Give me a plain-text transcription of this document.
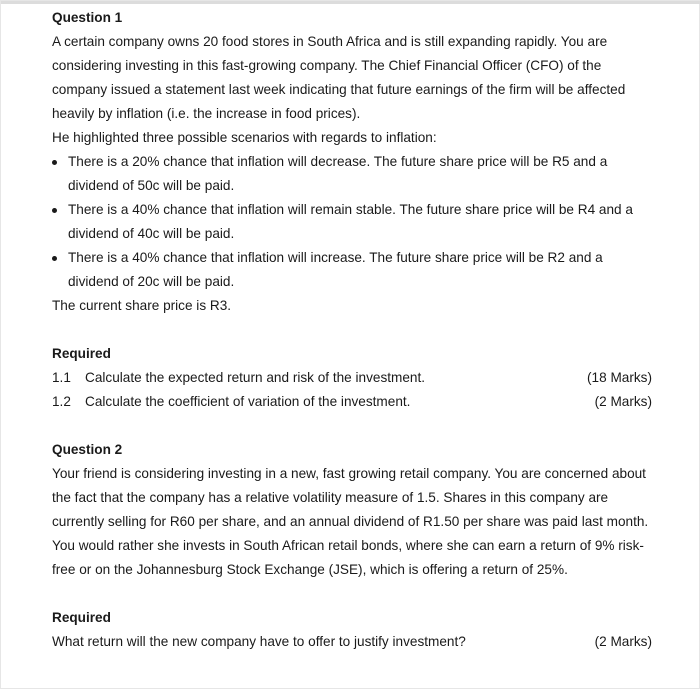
Question 1

A certain company owns 20 food stores in South Africa and is still expanding rapidly. You are considering investing in this fast-growing company. The Chief Financial Officer (CFO) of the company issued a statement last week indicating that future earnings of the firm will be affected heavily by inflation (i.e. the increase in food prices).

He highlighted three possible scenarios with regards to inflation:

There is a 20% chance that inflation will decrease. The future share price will be R5 and a dividend of 50c will be paid.
There is a 40% chance that inflation will remain stable. The future share price will be R4 and a dividend of 40c will be paid.
There is a 40% chance that inflation will increase. The future share price will be R2 and a dividend of 20c will be paid.

The current share price is R3.

Required

1.1	Calculate the expected return and risk of the investment.	(18 Marks)
1.2	Calculate the coefficient of variation of the investment.	(2 Marks)

Question 2

Your friend is considering investing in a new, fast growing retail company. You are concerned about the fact that the company has a relative volatility measure of 1.5. Shares in this company are currently selling for R60 per share, and an annual dividend of R1.50 per share was paid last month. You would rather she invests in South African retail bonds, where she can earn a return of 9% risk-free or on the Johannesburg Stock Exchange (JSE), which is offering a return of 25%.

Required

What return will the new company have to offer to justify investment?	(2 Marks)
